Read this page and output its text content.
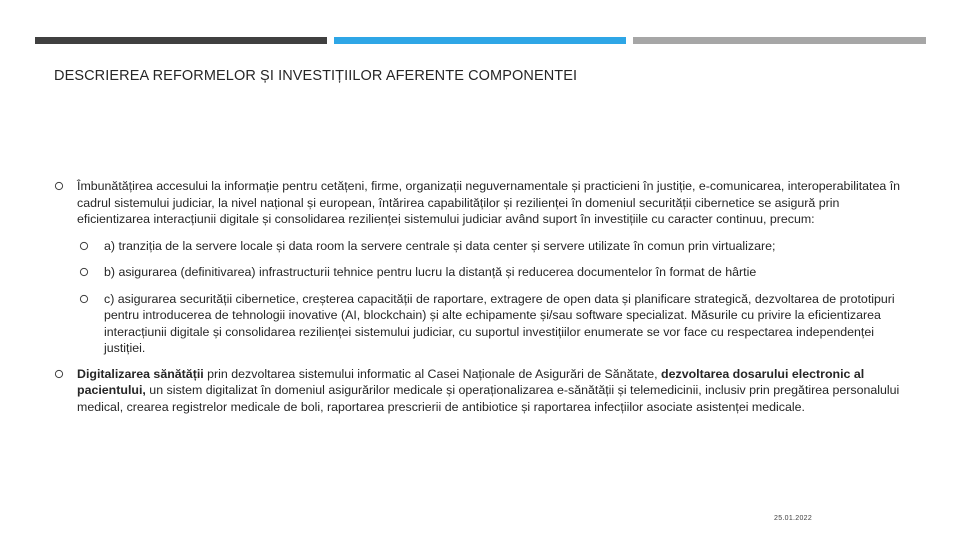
DESCRIEREA REFORMELOR ȘI INVESTIȚIILOR AFERENTE COMPONENTEI
Îmbunătățirea accesului la informație pentru cetățeni, firme, organizații neguvernamentale și practicieni în justiție, e-comunicarea, interoperabilitatea în cadrul sistemului judiciar, la nivel național și european, întărirea capabilităților și rezilienței în domeniul securității cibernetice se asigură prin eficientizarea interacțiunii digitale și consolidarea rezilienței sistemului judiciar având suport în investițiile cu caracter continuu, precum:
a) tranziția de la servere locale și data room la servere centrale și data center și servere utilizate în comun prin virtualizare;
b) asigurarea (definitivarea) infrastructurii tehnice pentru lucru la distanță și reducerea documentelor în format de hârtie
c) asigurarea securității cibernetice, creșterea capacității de raportare, extragere de open data și planificare strategică, dezvoltarea de prototipuri pentru introducerea de tehnologii inovative (AI, blockchain) și alte echipamente și/sau software specializat. Măsurile cu privire la eficientizarea interacțiunii digitale și consolidarea rezilienței sistemului judiciar, cu suportul investițiilor enumerate se vor face cu respectarea independenței justiției.
Digitalizarea sănătății prin dezvoltarea sistemului informatic al Casei Naționale de Asigurări de Sănătate, dezvoltarea dosarului electronic al pacientului, un sistem digitalizat în domeniul asigurărilor medicale și operaționalizarea e-sănătății și telemedicinii, inclusiv prin pregătirea personalului medical, crearea registrelor medicale de boli, raportarea prescrierii de antibiotice și raportarea infecțiilor asociate asistenței medicale.
25.01.2022
